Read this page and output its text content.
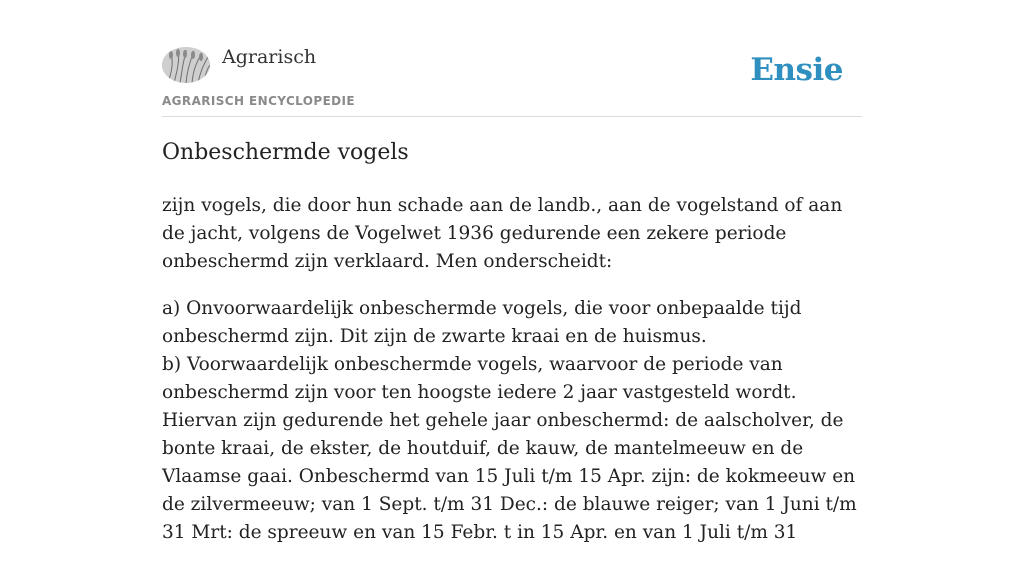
Agrarisch
AGRARISCH ENCYCLOPEDIE
Ensie
Onbeschermde vogels

zijn vogels, die door hun schade aan de landb., aan de vogelstand of aan de jacht, volgens de Vogelwet 1936 gedurende een zekere periode onbeschermd zijn verklaard. Men onderscheidt:

a) Onvoorwaardelijk onbeschermde vogels, die voor onbepaalde tijd onbeschermd zijn. Dit zijn de zwarte kraai en de huismus.

b) Voorwaardelijk onbeschermde vogels, waarvoor de periode van onbeschermd zijn voor ten hoogste iedere 2 jaar vastgesteld wordt. Hiervan zijn gedurende het gehele jaar onbeschermd: de aalscholver, de bonte kraai, de ekster, de houtduif, de kauw, de mantelmeeuw en de Vlaamse gaai. Onbeschermd van 15 Juli t/m 15 Apr. zijn: de kokmeeuw en de zilvermeeuw; van 1 Sept. t/m 31 Dec.: de blauwe reiger; van 1 Juni t/m 31 Mrt: de spreeuw en van 15 Febr. t in 15 Apr. en van 1 Juli t/m 31
